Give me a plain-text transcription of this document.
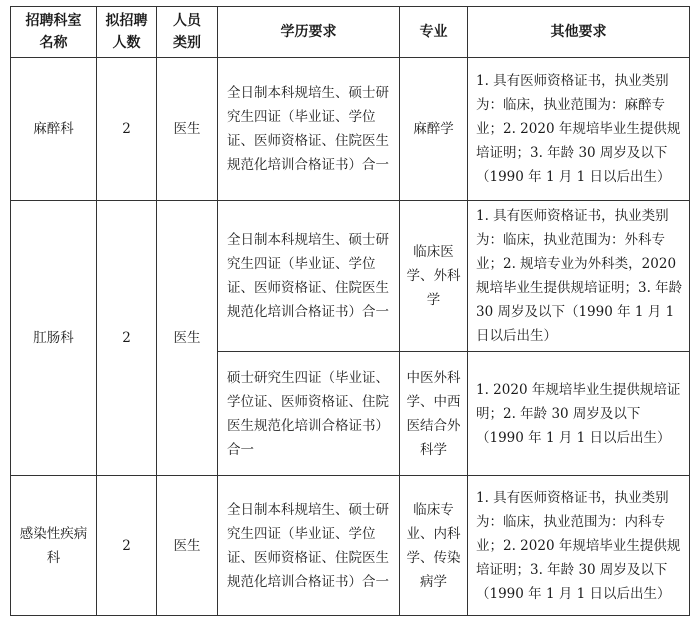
招聘科室名称	拟招聘人数	人员类别	学历要求	专业	其他要求
麻醉科	2	医生	全日制本科规培生、硕士研究生四证（毕业证、学位证、医师资格证、住院医生规范化培训合格证书）合一	麻醉学	1. 具有医师资格证书，执业类别为：临床，执业范围为：麻醉专业；2. 2020 年规培毕业生提供规培证明；3. 年龄 30 周岁及以下（1990 年 1 月 1 日以后出生）
肛肠科	2	医生	全日制本科规培生、硕士研究生四证（毕业证、学位证、医师资格证、住院医生规范化培训合格证书）合一	临床医学、外科学	1. 具有医师资格证书，执业类别为：临床，执业范围为：外科专业；2. 规培专业为外科类，2020 规培毕业生提供规培证明；3. 年龄 30 周岁及以下（1990 年 1 月 1 日以后出生）
			硕士研究生四证（毕业证、学位证、医师资格证、住院医生规范化培训合格证书）合一	中医外科学、中西医结合外科学	1. 2020 年规培毕业生提供规培证明；2. 年龄 30 周岁及以下（1990 年 1 月 1 日以后出生）
感染性疾病科	2	医生	全日制本科规培生、硕士研究生四证（毕业证、学位证、医师资格证、住院医生规范化培训合格证书）合一	临床专业、内科学、传染病学	1. 具有医师资格证书，执业类别为：临床，执业范围为：内科专业；2. 2020 年规培毕业生提供规培证明；3. 年龄 30 周岁及以下（1990 年 1 月 1 日以后出生）
